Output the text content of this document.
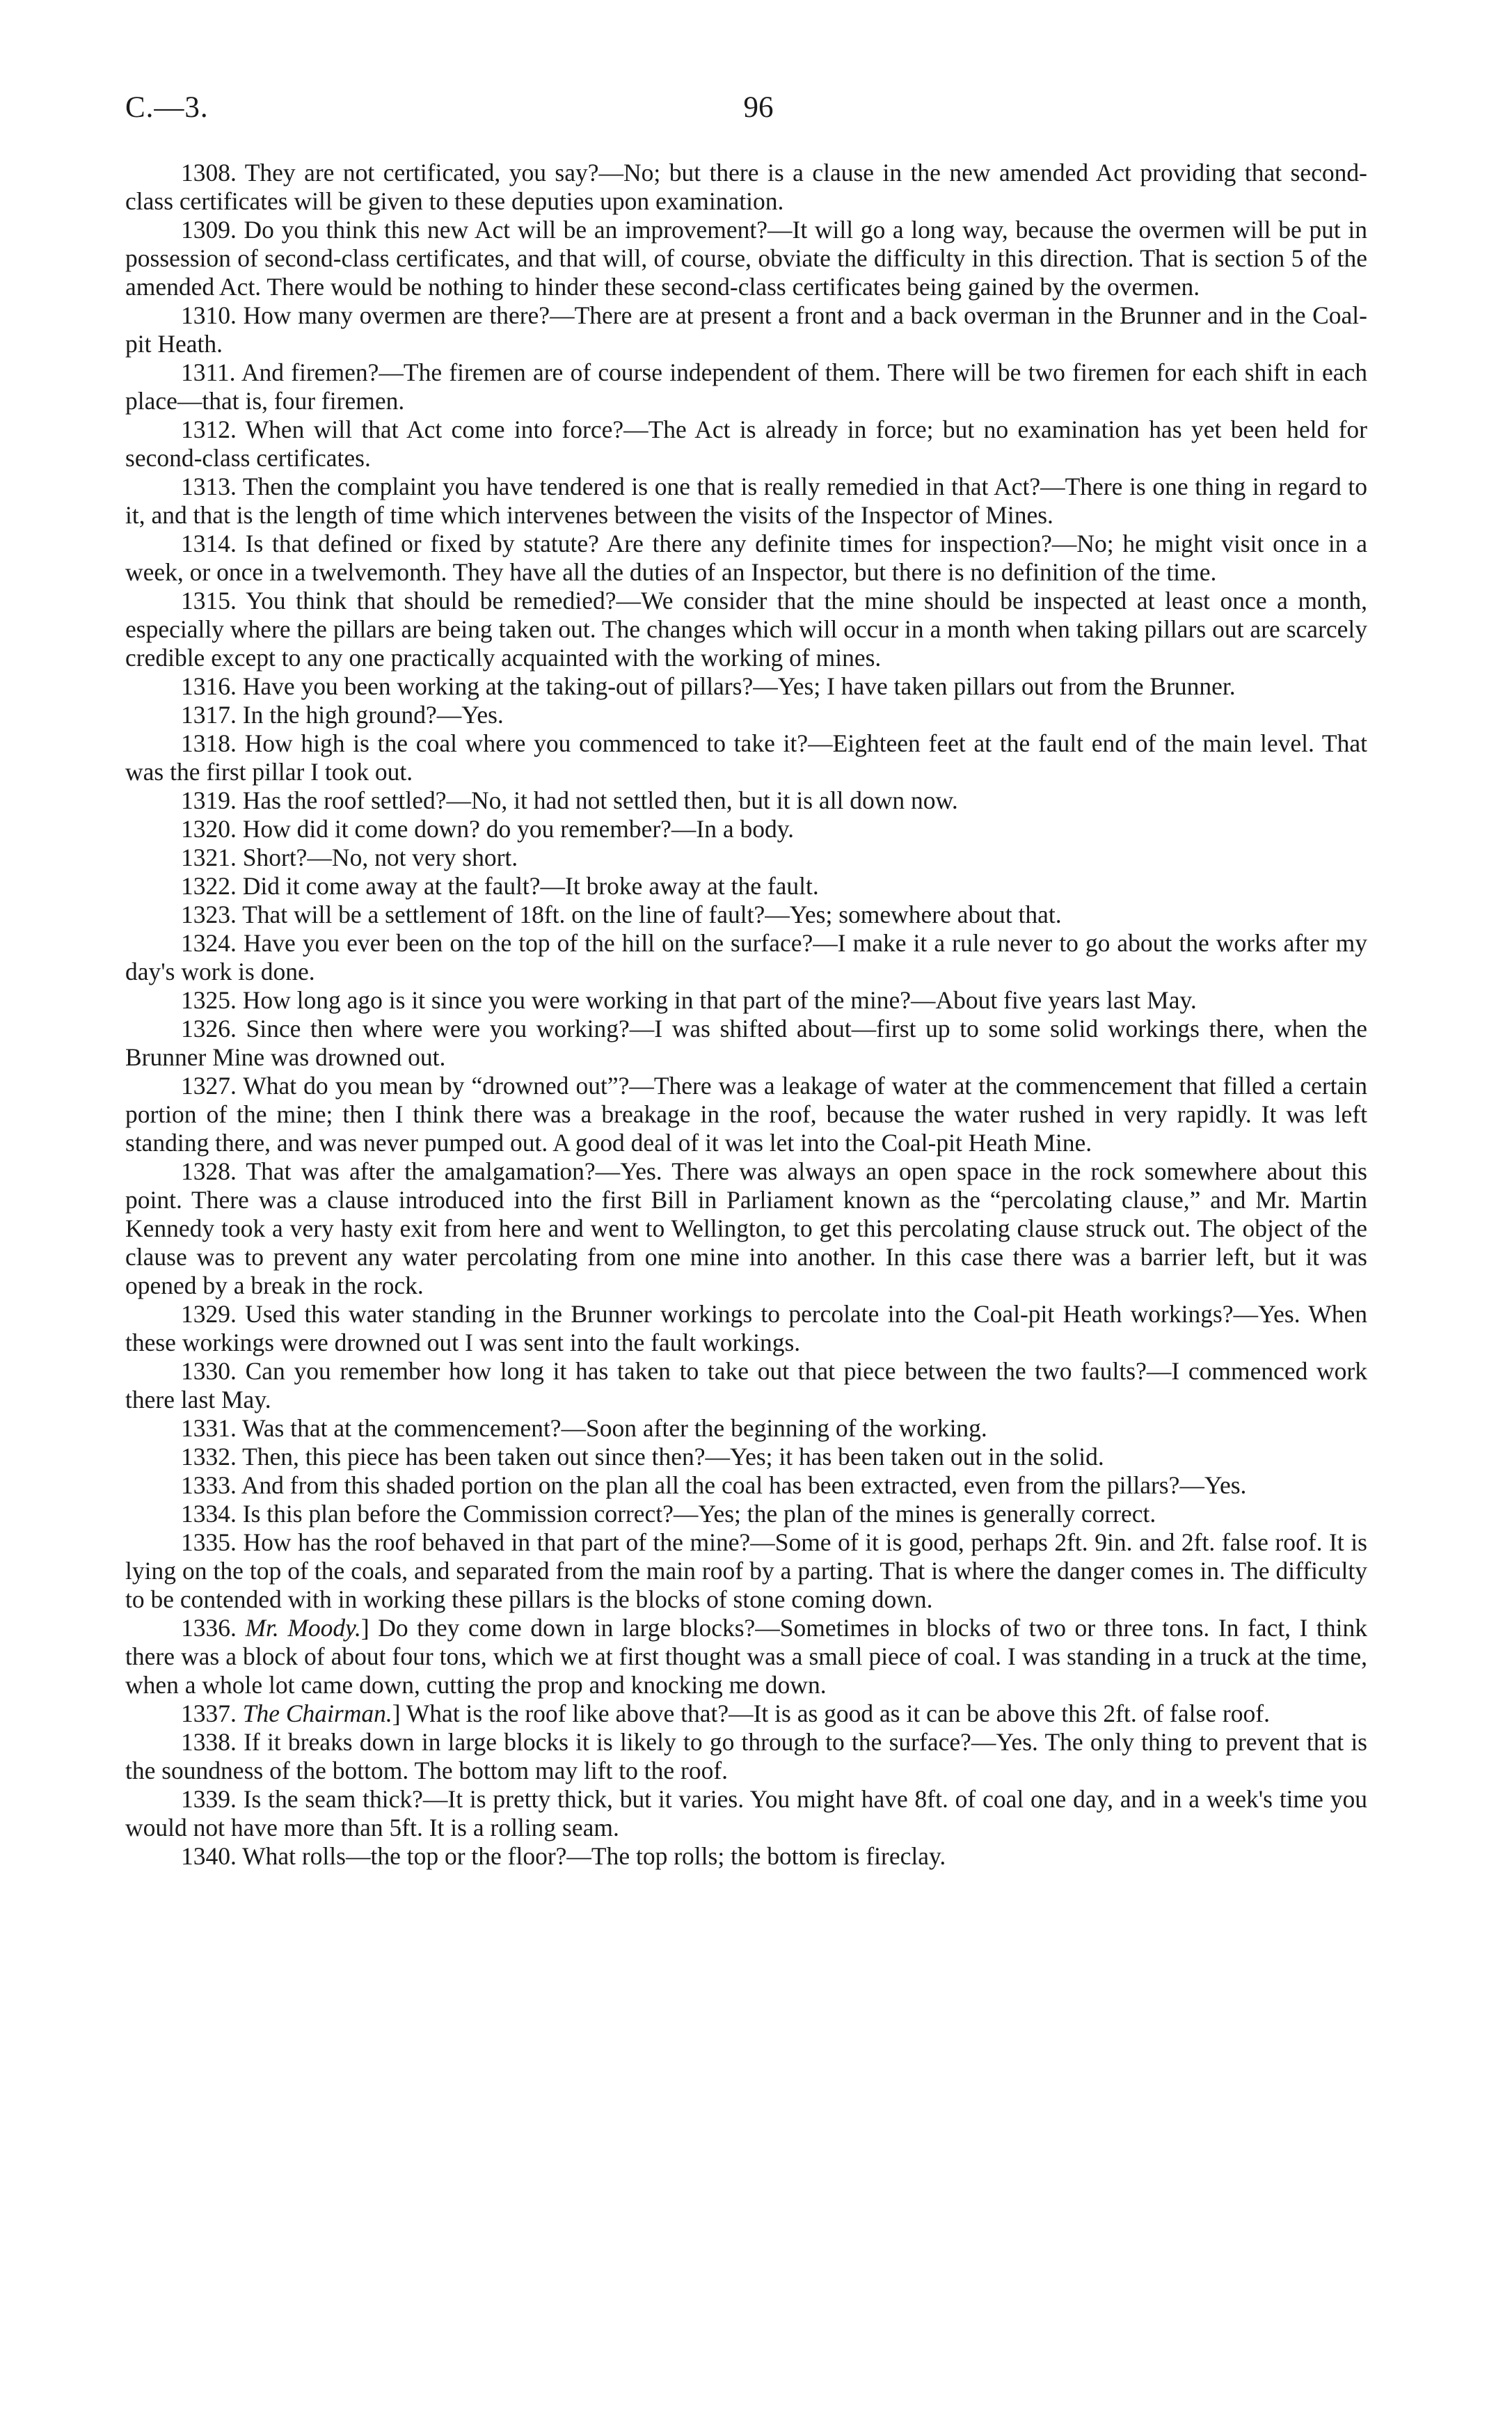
C.—3.	96

1308. They are not certificated, you say?—No; but there is a clause in the new amended Act providing that second-class certificates will be given to these deputies upon examination.

1309. Do you think this new Act will be an improvement?—It will go a long way, because the overmen will be put in possession of second-class certificates, and that will, of course, obviate the difficulty in this direction. That is section 5 of the amended Act. There would be nothing to hinder these second-class certificates being gained by the overmen.

1310. How many overmen are there?—There are at present a front and a back overman in the Brunner and in the Coal-pit Heath.

1311. And firemen?—The firemen are of course independent of them. There will be two firemen for each shift in each place—that is, four firemen.

1312. When will that Act come into force?—The Act is already in force; but no examination has yet been held for second-class certificates.

1313. Then the complaint you have tendered is one that is really remedied in that Act?—There is one thing in regard to it, and that is the length of time which intervenes between the visits of the Inspector of Mines.

1314. Is that defined or fixed by statute? Are there any definite times for inspection?—No; he might visit once in a week, or once in a twelvemonth. They have all the duties of an Inspector, but there is no definition of the time.

1315. You think that should be remedied?—We consider that the mine should be inspected at least once a month, especially where the pillars are being taken out. The changes which will occur in a month when taking pillars out are scarcely credible except to any one practically acquainted with the working of mines.

1316. Have you been working at the taking-out of pillars?—Yes; I have taken pillars out from the Brunner.

1317. In the high ground?—Yes.

1318. How high is the coal where you commenced to take it?—Eighteen feet at the fault end of the main level. That was the first pillar I took out.

1319. Has the roof settled?—No, it had not settled then, but it is all down now.

1320. How did it come down? do you remember?—In a body.

1321. Short?—No, not very short.

1322. Did it come away at the fault?—It broke away at the fault.

1323. That will be a settlement of 18ft. on the line of fault?—Yes; somewhere about that.

1324. Have you ever been on the top of the hill on the surface?—I make it a rule never to go about the works after my day's work is done.

1325. How long ago is it since you were working in that part of the mine?—About five years last May.

1326. Since then where were you working?—I was shifted about—first up to some solid workings there, when the Brunner Mine was drowned out.

1327. What do you mean by “drowned out”?—There was a leakage of water at the commencement that filled a certain portion of the mine; then I think there was a breakage in the roof, because the water rushed in very rapidly. It was left standing there, and was never pumped out. A good deal of it was let into the Coal-pit Heath Mine.

1328. That was after the amalgamation?—Yes. There was always an open space in the rock somewhere about this point. There was a clause introduced into the first Bill in Parliament known as the “percolating clause,” and Mr. Martin Kennedy took a very hasty exit from here and went to Wellington, to get this percolating clause struck out. The object of the clause was to prevent any water percolating from one mine into another. In this case there was a barrier left, but it was opened by a break in the rock.

1329. Used this water standing in the Brunner workings to percolate into the Coal-pit Heath workings?—Yes. When these workings were drowned out I was sent into the fault workings.

1330. Can you remember how long it has taken to take out that piece between the two faults?—I commenced work there last May.

1331. Was that at the commencement?—Soon after the beginning of the working.

1332. Then, this piece has been taken out since then?—Yes; it has been taken out in the solid.

1333. And from this shaded portion on the plan all the coal has been extracted, even from the pillars?—Yes.

1334. Is this plan before the Commission correct?—Yes; the plan of the mines is generally correct.

1335. How has the roof behaved in that part of the mine?—Some of it is good, perhaps 2ft. 9in. and 2ft. false roof. It is lying on the top of the coals, and separated from the main roof by a parting. That is where the danger comes in. The difficulty to be contended with in working these pillars is the blocks of stone coming down.

1336. Mr. Moody.] Do they come down in large blocks?—Sometimes in blocks of two or three tons. In fact, I think there was a block of about four tons, which we at first thought was a small piece of coal. I was standing in a truck at the time, when a whole lot came down, cutting the prop and knocking me down.

1337. The Chairman.] What is the roof like above that?—It is as good as it can be above this 2ft. of false roof.

1338. If it breaks down in large blocks it is likely to go through to the surface?—Yes. The only thing to prevent that is the soundness of the bottom. The bottom may lift to the roof.

1339. Is the seam thick?—It is pretty thick, but it varies. You might have 8ft. of coal one day, and in a week's time you would not have more than 5ft. It is a rolling seam.

1340. What rolls—the top or the floor?—The top rolls; the bottom is fireclay.
